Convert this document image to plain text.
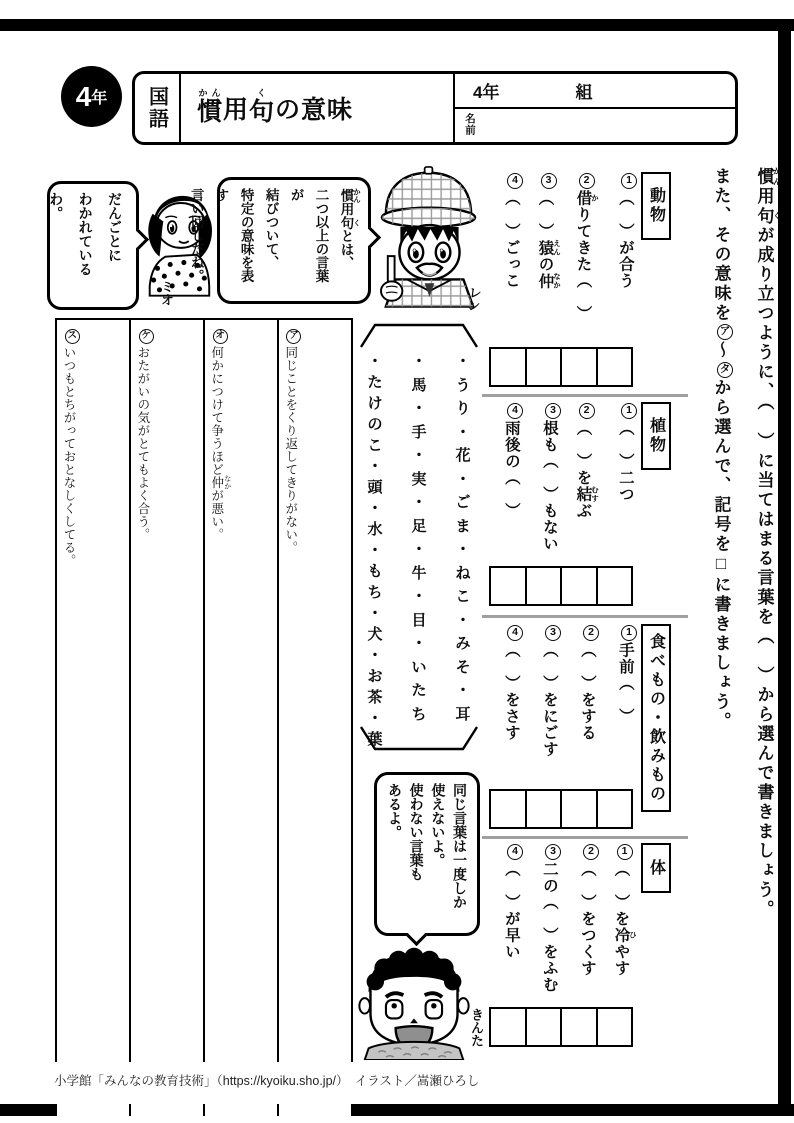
4 年 国語 慣かん
用 句く
の意味
4年	組
名前
慣 かん用句 くが成り立つように、（　）に当てはまる言葉を（　）から選んで書きましょう。
また、その意味をア～タから選んで、記号を□に書きましょう。
動物
植物
食べもの・飲みもの
体
1（　）が合う
2借 かりてきた（　）
3（　）猿 えんの仲 なか
4（　）ごっこ
1（　）二つ
2（　）を結 むすぶ
3根も（　）もない
4雨後の（　）
1手前（　）
2（　）をする
3（　）をにごす
4（　）をさす
1（　）を冷 ひやす
2（　）をつくす
3二の（　）をふむ
4（　）が早い
・
う
り
・
花
・
ご
ま
・
ね
こ
・
み
そ
・
耳
・
馬
・
手
・
実
・
足
・
牛
・
目
・
い
た
ち
・
た
け
の
こ
・
頭
・
水
・
も
ち
・
犬
・
お
茶
・
葉
ア同じことをくり返してきりがない。
オ何かにつけて争うほど仲 なかが悪い。
ケおたがいの気がとてもよく合う。
スいつもとちがっておとなしくしてる。
だんごとに
わかれているわ。	慣 かん用句 くとは、
二つ以上の言葉が
結びついて、
特定の意味を表す
言い回しだね。
同じ言葉は一度しか
使えないよ。
使わない言葉も
あるよ。
ミオ	レン
きんた
小学館「みんなの教育技術」（https://kyoiku.sho.jp/）　イラスト／嵩瀬ひろし
